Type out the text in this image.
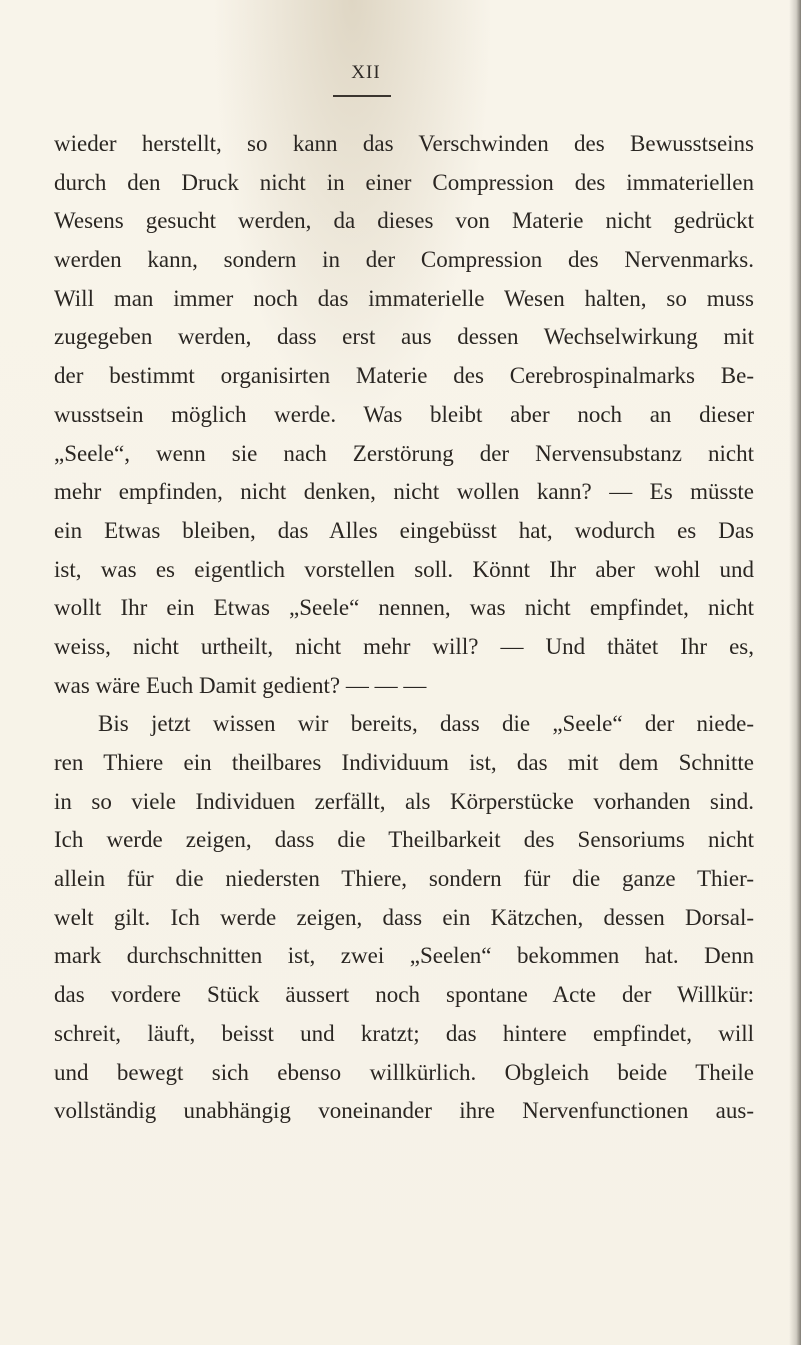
XII
wieder herstellt, so kann das Verschwinden des Bewusstseins
durch den Druck nicht in einer Compression des immateriellen
Wesens gesucht werden, da dieses von Materie nicht gedrückt
werden kann, sondern in der Compression des Nervenmarks.
Will man immer noch das immaterielle Wesen halten, so muss
zugegeben werden, dass erst aus dessen Wechselwirkung mit
der bestimmt organisirten Materie des Cerebrospinalmarks Be-
wusstsein möglich werde. Was bleibt aber noch an dieser
„Seele“, wenn sie nach Zerstörung der Nervensubstanz nicht
mehr empfinden, nicht denken, nicht wollen kann? — Es müsste
ein Etwas bleiben, das Alles eingebüsst hat, wodurch es Das
ist, was es eigentlich vorstellen soll. Könnt Ihr aber wohl und
wollt Ihr ein Etwas „Seele“ nennen, was nicht empfindet, nicht
weiss, nicht urtheilt, nicht mehr will? — Und thätet Ihr es,
was wäre Euch Damit gedient? — — —
Bis jetzt wissen wir bereits, dass die „Seele“ der niede-
ren Thiere ein theilbares Individuum ist, das mit dem Schnitte
in so viele Individuen zerfällt, als Körperstücke vorhanden sind.
Ich werde zeigen, dass die Theilbarkeit des Sensoriums nicht
allein für die niedersten Thiere, sondern für die ganze Thier-
welt gilt. Ich werde zeigen, dass ein Kätzchen, dessen Dorsal-
mark durchschnitten ist, zwei „Seelen“ bekommen hat. Denn
das vordere Stück äussert noch spontane Acte der Willkür:
schreit, läuft, beisst und kratzt; das hintere empfindet, will
und bewegt sich ebenso willkürlich. Obgleich beide Theile
vollständig unabhängig voneinander ihre Nervenfunctionen aus-
